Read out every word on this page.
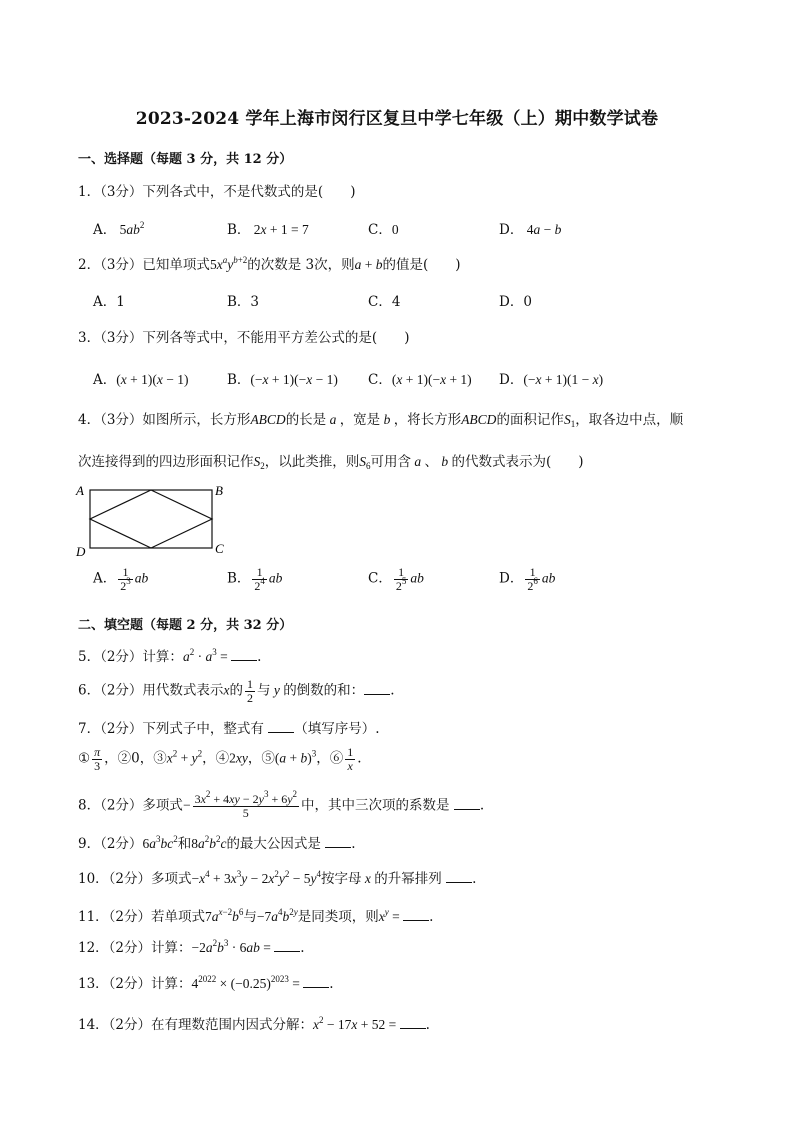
2023-2024 学年上海市闵行区复旦中学七年级（上）期中数学试卷
一、选择题（每题 3 分，共 12 分）
1．（3分）下列各式中，不是代数式的是(　　)
A． $5ab^2$	B． 2x + 1 = 7	C．0	D． 4a − b
2．（3分）已知单项式$5x^ay^{b+2}$的次数是 3次，则a + b的值是(　　)
A．1	B．3	C．4	D．0
3．（3分）下列各等式中，不能用平方差公式的是(　　)
A．(x + 1)(x − 1)	B．(−x + 1)(−x − 1) C．(x + 1)(−x + 1) D．(−x + 1)(1 − x)
4．（3分）如图所示，长方形ABCD的长是 a ，宽是 b ，将长方形ABCD的面积记作$S_1$，取各边中点，顺
次连接得到的四边形面积记作$S_2$，以此类推，则$S_6$可用含 a 、 b 的代数式表示为(　　)
A	B
D	C
A． $\frac{1}{2^3}$ ab	B． $\frac{1}{2^4}$ ab	C． $\frac{1}{2^5}$ ab	D． $\frac{1}{2^6}$ ab
二、填空题（每题 2 分，共 32 分）
5．（2分）计算：$a^2 \cdot a^3$ = .
6．（2分）用代数式表示x的 $\frac{1}{2}$ 与 y 的倒数的和： .
7．（2分）下列式子中，整式有 （填写序号）.
① $\frac{\pi}{3}$ ，②0，$③x^2 + y^2$，④2xy，⑤(a + b)$^3$，⑥ $\frac{1}{x}$ .
8．（2分）多项式− $\frac{3x^2 + 4xy - 2y^3 + 6y^2}{5}$ 中，其中三次项的系数是 .
9．（2分）$6a^3bc^2$和$8a^2b^2c$的最大公因式是 .
10．（2分）多项式$-x^4 + 3x^3y - 2x^2y^2 - 5y^4$按字母 x 的升幂排列 .
11．（2分）若单项式$7a^{x-2}b^6$与$-7a^4b^{2y}$是同类项，则$x^y$ = .
12．（2分）计算：$-2a^2b^3 \cdot 6ab$ = .
13．（2分）计算：$4^{2022} \times (-0.25)^{2023}$ = .
14．（2分）在有理数范围内因式分解：$x^2 - 17x + 52$ = .
